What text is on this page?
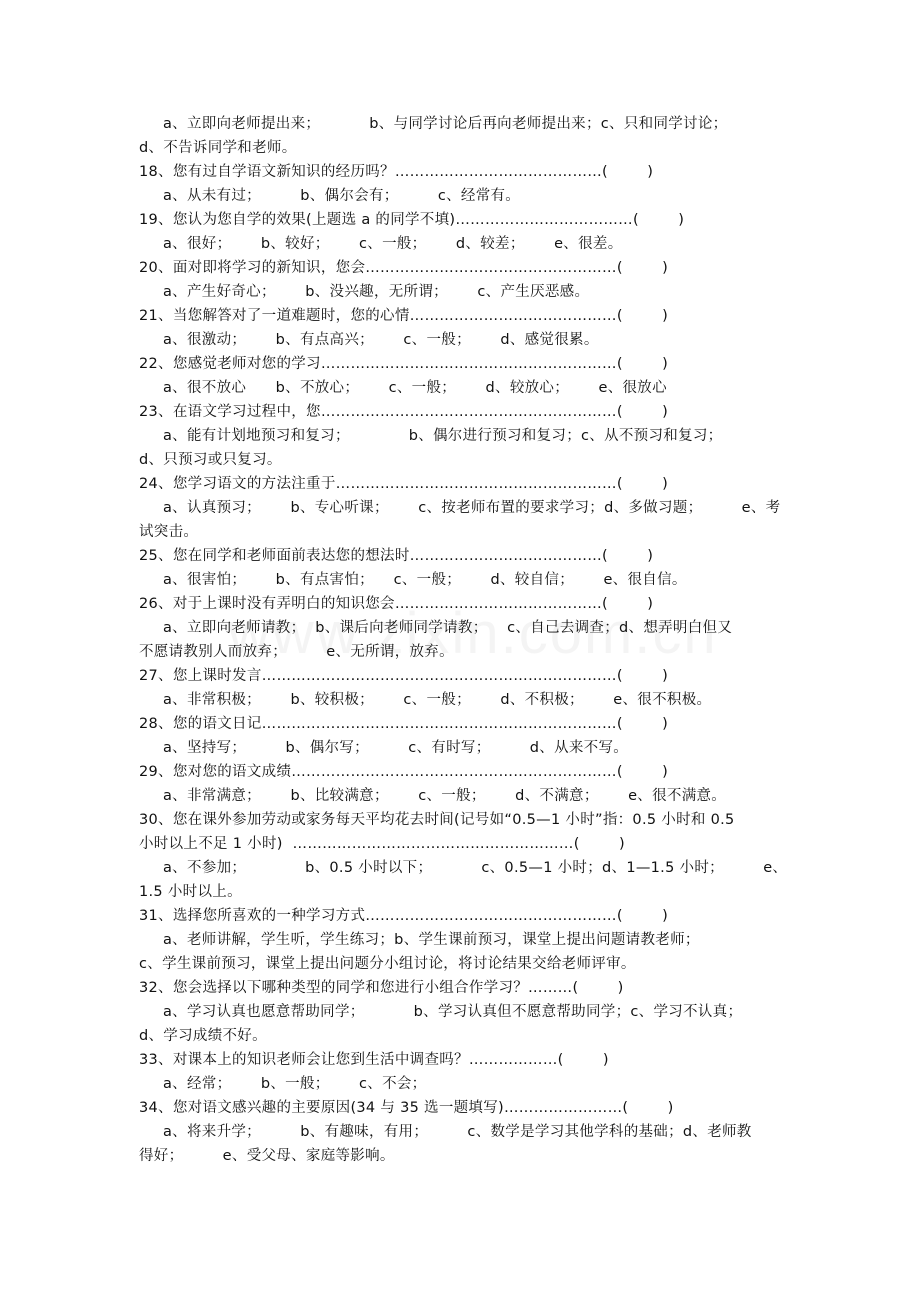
a、立即向老师提出来；          b、与同学讨论后再向老师提出来；c、只和同学讨论；
d、不告诉同学和老师。
18、您有过自学语文新知识的经历吗？……………………………………(        )
a、从未有过；        b、偶尔会有；        c、经常有。
19、您认为您自学的效果(上题选 a 的同学不填)………………………………(        )
a、很好；      b、较好；      c、一般；      d、较差；      e、很差。
20、面对即将学习的新知识，您会……………………………………………(        )
a、产生好奇心；      b、没兴趣，无所谓；      c、产生厌恶感。
21、当您解答对了一道难题时，您的心情……………………………………(        )
a、很激动；      b、有点高兴；      c、一般；      d、感觉很累。
22、您感觉老师对您的学习……………………………………………………(        )
a、很不放心      b、不放心；      c、一般；      d、较放心；      e、很放心
23、在语文学习过程中，您……………………………………………………(        )
a、能有计划地预习和复习；            b、偶尔进行预习和复习；c、从不预习和复习；
d、只预习或只复习。
24、您学习语文的方法注重于…………………………………………………(        )
a、认真预习；      b、专心听课；      c、按老师布置的要求学习；d、多做习题；        e、考
试突击。
25、您在同学和老师面前表达您的想法时…………………………………(        )
a、很害怕；      b、有点害怕；    c、一般；      d、较自信；      e、很自信。
26、对于上课时没有弄明白的知识您会……………………………………(        )
a、立即向老师请教；  b、课后向老师同学请教；    c、自己去调查；d、想弄明白但又
不愿请教别人而放弃；        e、无所谓，放弃。
27、您上课时发言………………………………………………………………(        )
a、非常积极；      b、较积极；      c、一般；      d、不积极；      e、很不积极。
28、您的语文日记………………………………………………………………(        )
a、坚持写；        b、偶尔写；        c、有时写；        d、从来不写。
29、您对您的语文成绩…………………………………………………………(        )
a、非常满意；      b、比较满意；      c、一般；      d、不满意；      e、很不满意。
30、您在课外参加劳动或家务每天平均花去时间(记号如“0.5—1 小时”指：0.5 小时和 0.5
小时以上不足 1 小时)  …………………………………………………(        )
a、不参加；            b、0.5 小时以下；          c、0.5—1 小时；d、1—1.5 小时；        e、
1.5 小时以上。
31、选择您所喜欢的一种学习方式……………………………………………(        )
a、老师讲解，学生听，学生练习；b、学生课前预习，课堂上提出问题请教老师；
c、学生课前预习，课堂上提出问题分小组讨论，将讨论结果交给老师评审。
32、您会选择以下哪种类型的同学和您进行小组合作学习？………(        )
a、学习认真也愿意帮助同学；          b、学习认真但不愿意帮助同学；c、学习不认真；
d、学习成绩不好。
33、对课本上的知识老师会让您到生活中调查吗？………………(        )
a、经常；      b、一般；      c、不会；
34、您对语文感兴趣的主要原因(34 与 35 选一题填写)……………………(        )
a、将来升学；        b、有趣味，有用；        c、数学是学习其他学科的基础；d、老师教
得好；        e、受父母、家庭等影响。
